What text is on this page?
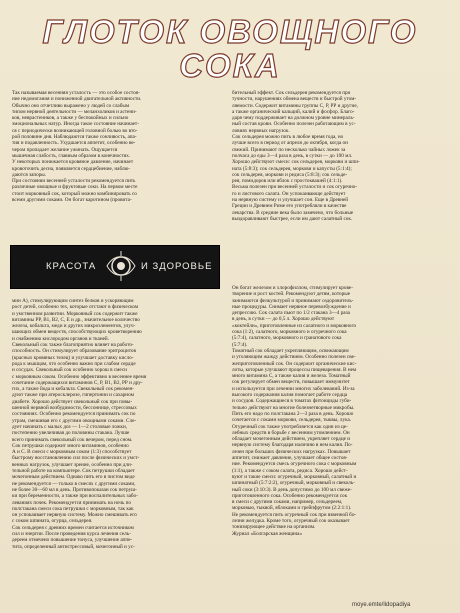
ГЛОТОК ОВОЩНОГО
СОКА
Так называемая весенняя усталость — это особое состоя-
ние недомогания и пониженной двигательной активности.
Обычно оно отчетливо выражено у людей со слабым
типом нервной деятельности — меланхоликов и астени-
ков, неврастеников, а также у беспокойных и сильно
эмоциональных натур. Иногда такое состояние начинает-
ся с периодически возникающей головной болью во вто-
рой половине дня. Наблюдаются также сонливость, апа-
тия и подавленность. Ухудшается аппетит, особенно ве-
чером пропадает желание ужинать. Ощущается
мышечная слабость, главным образом в конечностях.
У некоторых понижается кровяное давление, начинает
кровоточить десна, появляется сердцебиение, наблю-
даются запоры.
При состоянии весенней усталости рекомендуется пить
различные овощные и фруктовые соки. На первом месте
стоит морковный сок, который можно комбинировать со
всеми другими соками. Он богат каротином (провита-
бительный эффект. Сок сельдерея рекомендуется при
тучности, нарушениях обмена веществ и быстрой утом-
ляемости. Содержит витамины группы С, Р, РР и другие,
а также органический кальций, калий и фосфор. Благо-
даря чему поддерживает на должном уровне минераль-
ный состав крови. Особенно полезен работающим в ус-
ловиях нервных нагрузок.
Сок сельдерея можно пить в любое время года, но
лучше всего в период от апреля до октября, когда он
свежий. Принимают по несколько чайных ложек за
полчаса до еды 3—4 раза в день, в сутки — до 100 мл.
Хорошо действуют смеси: сок сельдерея, моркови и шпи-
ната (5:8:3); сок сельдерея, моркови и капусты (5:1:4);
сок сельдерея, моркови и редиса (5:8:3); сок сельде-
рея, помидоров или яблок с простоквашей (4:1:1).
Весьма полезен при весенней усталости и сок огуречно-
го и листового салата. Он успокаивающе действует
на нервную систему и улучшает сон. Еще в Древней
Греции и Древнем Риме его употребляли в качестве
лекарства. В средние века было замечено, что больные
выздоравливают быстрее, если им дают салатный сок.
КРАСОТА	И ЗДОРОВЬЕ
мин А), стимулирующим синтез белков и ускоряющим
рост детей, особенно тех, которые отстают в физическом
и умственном развитии. Морковный сок содержит также
витамины РР, В1, В2, С, Е и др., значительное количество
железа, кобальта, меди и других микроэлементов, улуч-
шающих обмен веществ, способствующих кроветворению
и снабжению кислородом органов и тканей.
Свекольный сок также благоприятно влияет на работо-
способность. Он стимулирует образование эритроцитов
(красных кровяных телец) и улучшает доставку кисло-
рода к мышцам, что особенно важно при слабом сердце
и сосудах. Свекольный сок особенно хорош в смеси
с морковным соком. Особенно эффективно в весеннее время
сочетание содержащихся витаминов С, Р, В1, В2, РР и дру-
гих, а также йода и кобальта. Свекольный сок рекомен-
дуют также при атеросклерозе, гипертонии и сахарном
диабете. Хорошо действует свекольный сок при повы-
шенной нервной возбудимости, бессоннице, стрессовых
состояниях. Особенно рекомендуется принимать сок по
утрам, смешивая его с другими овощными соками. Сле-
дует начинать с малых доз — 1—2 столовые ложки,
постепенно увеличивая до половины стакана. Лучше
всего принимать свекольный сок вечером, перед сном.
Сок петрушки содержит много витаминов, особенно
А и С. В смеси с морковным соком (1:3) способствует
быстрому восстановлению сил после физических и умст-
венных нагрузок, улучшает зрение, особенно при дли-
тельной работе на компьютере. Сок петрушки обладает
мочегонным действием. Однако пить его в чистом виде
не рекомендуется — только в смесях с другими соками,
не более 30—60 мл в день. Противопоказан сок петруш-
ки при беременности, а также при воспалительных забо-
леваниях почек. Рекомендуется принимать на ночь по
полстакана смеси сока петрушки с морковным, так как
он успокаивает нервную систему. Можно смешивать его
с соком шпината, огурца, сельдерея.
Сок сельдерея с древних времен считается источником
сил и энергии. После проведения курса лечения сель-
дереем отмечено повышение тонуса, улучшение аппе-
тита, определенный антистрессовый, мочегонный и ус-
Он богат железом и хлорофиллом, стимулирует крове-
творение и рост костей. Рекомендуют детям, которые
занимаются физкультурой и принимают оздоровитель-
ные процедуры. Снимает нервное перевозбуждение и
депрессию. Сок салата пьют по 1/2 стакана 3—4 раза
в день, в сутки — до 0,5 л. Хорошо действуют
«коктейли», приготовленные из салатного и морковного
сока (1:2), салатного, морковного и огуречного сока
(5:7:4), салатного, морковного и гранатового сока
(5:7:4).
Томатный сок обладает укрепляющим, освежающим
и утоляющим жажду действием. Особенно полезен све-
жеприготовленный сок. Он содержит органические кис-
лоты, которые улучшают процессы пищеварения. В нем
много витамина С, а также калия и железа. Томатный
сок регулирует обмен веществ, повышает иммунитет
и используется при лечении многих заболеваний. Из-за
высокого содержания калия помогает работе сердца
и сосудов. Содержащиеся в томатах фитонциды губи-
тельно действуют на многие болезнетворные микробы.
Пить его надо по полстакана 2—3 раза в день. Хорошо
сочетается с соками моркови, сельдерея, тыквы, лука.
Огуречный сок также употребляется как один из це-
лебных средств в борьбе с весенним утомлением. Он
обладает мочегонным действием, укрепляет сердце и
нервную систему благодаря наличию в нем калия. По-
лезен при больших физических нагрузках. Повышает
аппетит, снижает давление, улучшает общее состоя-
ние. Рекомендуется смесь огуречного сока с морковным
(1:1), а также с соком салата, редиса. Хорошо дейст-
вуют и такие смеси: огуречный, морковный, салатный и
шпинатный (5:7:2:2), огуречный, морковный и свеколь-
ный соки (3:10:3). В день допустимо до 100 мл свеже-
приготовленного сока. Особенно рекомендуется сок
в смеси с другими соками, например, сельдереем,
морковью, тыквой, яблоками и грейпфрутом (2:2:1:1).
Не рекомендуется пить огуречный сок при язвенной бо-
лезни желудка. Кроме того, огуречный сок оказывает
тонизирующее действие на организм.
Журнал «Болгарская женщина»
moye.emte/lidopadiya
